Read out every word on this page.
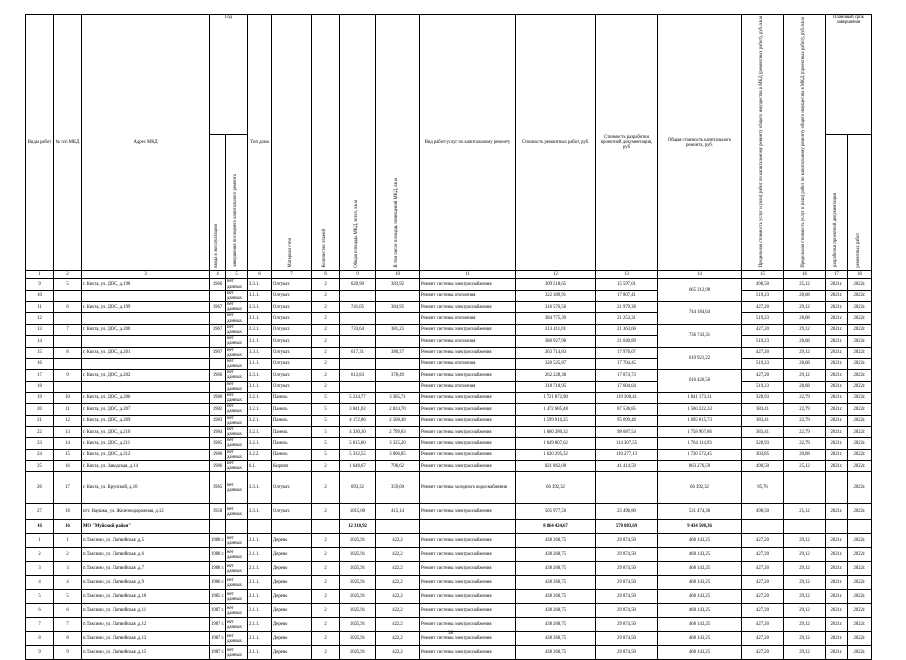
Виды работ	№ п/п МКД	Адрес МКД	Год		Тип дома	Материал стен	Количество этажей	Общая площадь МКД, всего, кв.м	В том числе площадь помещений МКД, кв.м	Вид работ/услуг по капитальному ремонту	Стоимость ремонтных работ, руб.	Стоимость разработки проектной документации, руб	Общая стоимость капитального ремонта, руб.	Предельная стоимость услуг и (или) работ по капитальному ремонту общего имущества в МКД (ремонтных работ), руб./кв.м	Предельная стоимость услуг и (или) работ по капитальному ремонту общего имущества в МКД (проектных работ), руб./кв.м	Плановый срок завершения	
			ввода в эксплуатацию	завершения последнего капитального ремонта												разработки проектной документации	ремонтных работ
1	2	3	4	5	6	7	8	9	10	11	12	13	14	15	16	17	18
9	5	г. Кяхта, ул. ДОС, д.198	1966	нет данных	3.3.1.	Олтукат.	2	620,90	383,92	Ремонт системы электроснабжения	309 518,65	15 597,01	665 312,98	498,50	25,12	2021г.	2022г.
10				нет данных	3.1.1.	Олтукат.	2			Ремонт системы отопления	322 389,91	17 807,41		519,23	28,68	2021г.	2022г.
11	6	г. Кяхта, ул. ДОС, д.199	1967	нет данных	3.3.1.	Олтукат.	2	741,05	384,95	Ремонт системы электроснабжения	316 576,56	21 979,38	744 184,64	427,20	29,12	2021г.	2022г.
12				нет данных	3.1.1.	Олтукат.	2			Ремонт системы отопления	384 775,39	21 253,31		519,23	28,68	2021г.	2022г.
13	7	г. Кяхта, ул. ДОС, д.200	1967	нет данных	3.3.1.	Олтукат.	2	733,64	381,25	Ремонт системы электроснабжения	313 411,01	21 363,66	736 743,31	427,20	29,12	2021г.	2022г.
14				нет данных	3.1.1.	Олтукат.	2			Ремонт системы отопления	380 927,90	21 040,89		519,23	28,68	2021г.	2022г.
15	8	г. Кяхта, ул. ДОС, д.201	1967	нет данных	3.3.1.	Олтукат.	2	617,31	380,37	Ремонт системы электроснабжения	263 714,83	17 976,07	619 921,22	427,20	29,12	2021г.	2022г.
16				нет данных	3.1.1.	Олтукат.	2			Ремонт системы отопления	320 525,87	17 704,45		519,23	28,68	2021г.	2022г.
17	9	г. Кяхта, ул. ДОС, д.202	1966	нет данных	3.3.1.	Олтукат.	2	613,83	378,49	Ремонт системы электроснабжения	262 228,38	17 874,73	616 426,50	427,20	29,12	2021г.	2022г.
18				нет данных	3.1.1.	Олтукат.	2			Ремонт системы отопления	318 718,95	17 604,64		519,23	28,68	2021г.	2022г.
19	10	г. Кяхта, ул. ДОС, д.206	1980	нет данных	3.2.1.	Панель	5	5 234,77	3 365,71	Ремонт системы электроснабжения	1 721 872,90	119 300,41	1 841 173,31	328,93	22,79	2021г.	2022г.
20	11	г. Кяхта, ул. ДОС, д.207	1982	нет данных	3.2.1.	Панель	5	3 841,02	2 824,70	Ремонт системы электроснабжения	1 472 685,48	87 536,85	1 560 222,33	383,41	22,79	2021г.	2022г.
21	12	г. Кяхта, ул. ДОС, д.209	1983	нет данных	3.2.1.	Панель	5	4 172,86	2 568,48	Ремонт системы электроснабжения	1 599 916,25	95 099,48	1 695 015,73	383,41	22,79	2021г.	2022г.
22	13	г. Кяхта, ул. ДОС, д.210	1984	нет данных	3.2.1.	Панель	5	4 330,30	2 799,83	Ремонт системы электроснабжения	1 660 280,32	98 687,54	1 758 967,86	383,41	22,79	2021г.	2022г.
23	14	г. Кяхта, ул. ДОС, д.211	1985	нет данных	3.2.1.	Панель	5	5 015,60	3 325,20	Ремонт системы электроснабжения	1 649 807,62	114 307,55	1 764 114,93	328,93	22,79	2021г.	2022г.
24	15	г. Кяхта, ул. ДОС, д.212	1986	нет данных	3.2.2.	Панель	5	5 332,55	3 006,85	Ремонт системы электроснабжения	1 620 295,32	110 277,13	1 730 572,45	303,85	20,68	2021г.	2022г.
25	16	г. Кяхта, ул. Заводская, д.14	1986	нет данных	6.1.	Кирпич	2	1 648,67	796,62	Ремонт системы электроснабжения	821 862,00	41 414,59	863 276,59	498,50	25,12	2021г.	2022г.
26	17	г. Кяхта, ул. Крупской, д.10	1965	нет данных	3.3.1.	Олтукат.	2	693,32	359,00	Ремонт системы холодного водоснабжения	66 392,32		66 392,32	95,76			2022г.
27	18	пгт. Наушки, ул. Железнодорожная, д.12	1958	нет данных	3.3.1.	Олтукат.	2	1015,00	415,14	Ремонт системы электроснабжения	505 977,50	25 496,80	531 474,30	498,50	25,12	2021г.	2022г.
16	16	МО "Муйский район"						12 310,92			8 864 424,67	570 083,69	9 434 508,36				
1	1	п.Таксимо, ул. Латвийская ,д.5	1988 г.	нет данных	2.1.1.	Дерево	2	1025,91	422,2	Ремонт системы электроснабжения	438 268,75	29 874,50	468 143,25	427,20	29,12	2021г.	2022г.
2	2	п.Таксимо, ул. Латвийская ,д.6	1988 г.	нет данных	2.1.1.	Дерево	2	1025,91	422,2	Ремонт системы электроснабжения	438 268,75	29 874,50	468 143,25	427,20	29,12	2021г.	2022г.
3	3	п.Таксимо, ул. Латвийская ,д.7	1988 г.	нет данных	2.1.1.	Дерево	2	1025,91	422,2	Ремонт системы электроснабжения	438 268,75	29 874,50	468 143,25	427,20	29,12	2021г.	2022г.
4	4	п.Таксимо, ул. Латвийская ,д.9	1986 г.	нет данных	2.1.1.	Дерево	2	1025,91	422,2	Ремонт системы электроснабжения	438 268,75	29 874,50	468 143,25	427,20	29,12	2021г.	2022г.
5	5	п.Таксимо, ул. Латвийская ,д.10	1985 г.	нет данных	2.1.1.	Дерево	2	1025,91	422,2	Ремонт системы электроснабжения	438 268,75	29 874,50	468 143,25	427,20	29,12	2021г.	2022г.
6	6	п.Таксимо, ул. Латвийская ,д.11	1987 г.	нет данных	2.1.1.	Дерево	2	1025,91	422,2	Ремонт системы электроснабжения	438 268,75	29 874,50	468 143,25	427,20	29,12	2021г.	2022г.
7	7	п.Таксимо, ул. Латвийская ,д.12	1987 г.	нет данных	2.1.1.	Дерево	2	1025,91	422,2	Ремонт системы электроснабжения	438 268,75	29 874,50	468 143,25	427,20	29,12	2021г.	2022г.
8	8	п.Таксимо, ул. Латвийская ,д.13	1987 г.	нет данных	2.1.1.	Дерево	2	1025,91	422,2	Ремонт системы электроснабжения	438 268,75	29 874,50	468 143,25	427,20	29,12	2021г.	2022г.
9	9	п.Таксимо, ул. Латвийская ,д.15	1987 г.	нет данных	2.1.1.	Дерево	2	1025,91	422,2	Ремонт системы электроснабжения	438 268,75	29 874,50	468 143,25	427,20	29,12	2021г.	2022г.
38
